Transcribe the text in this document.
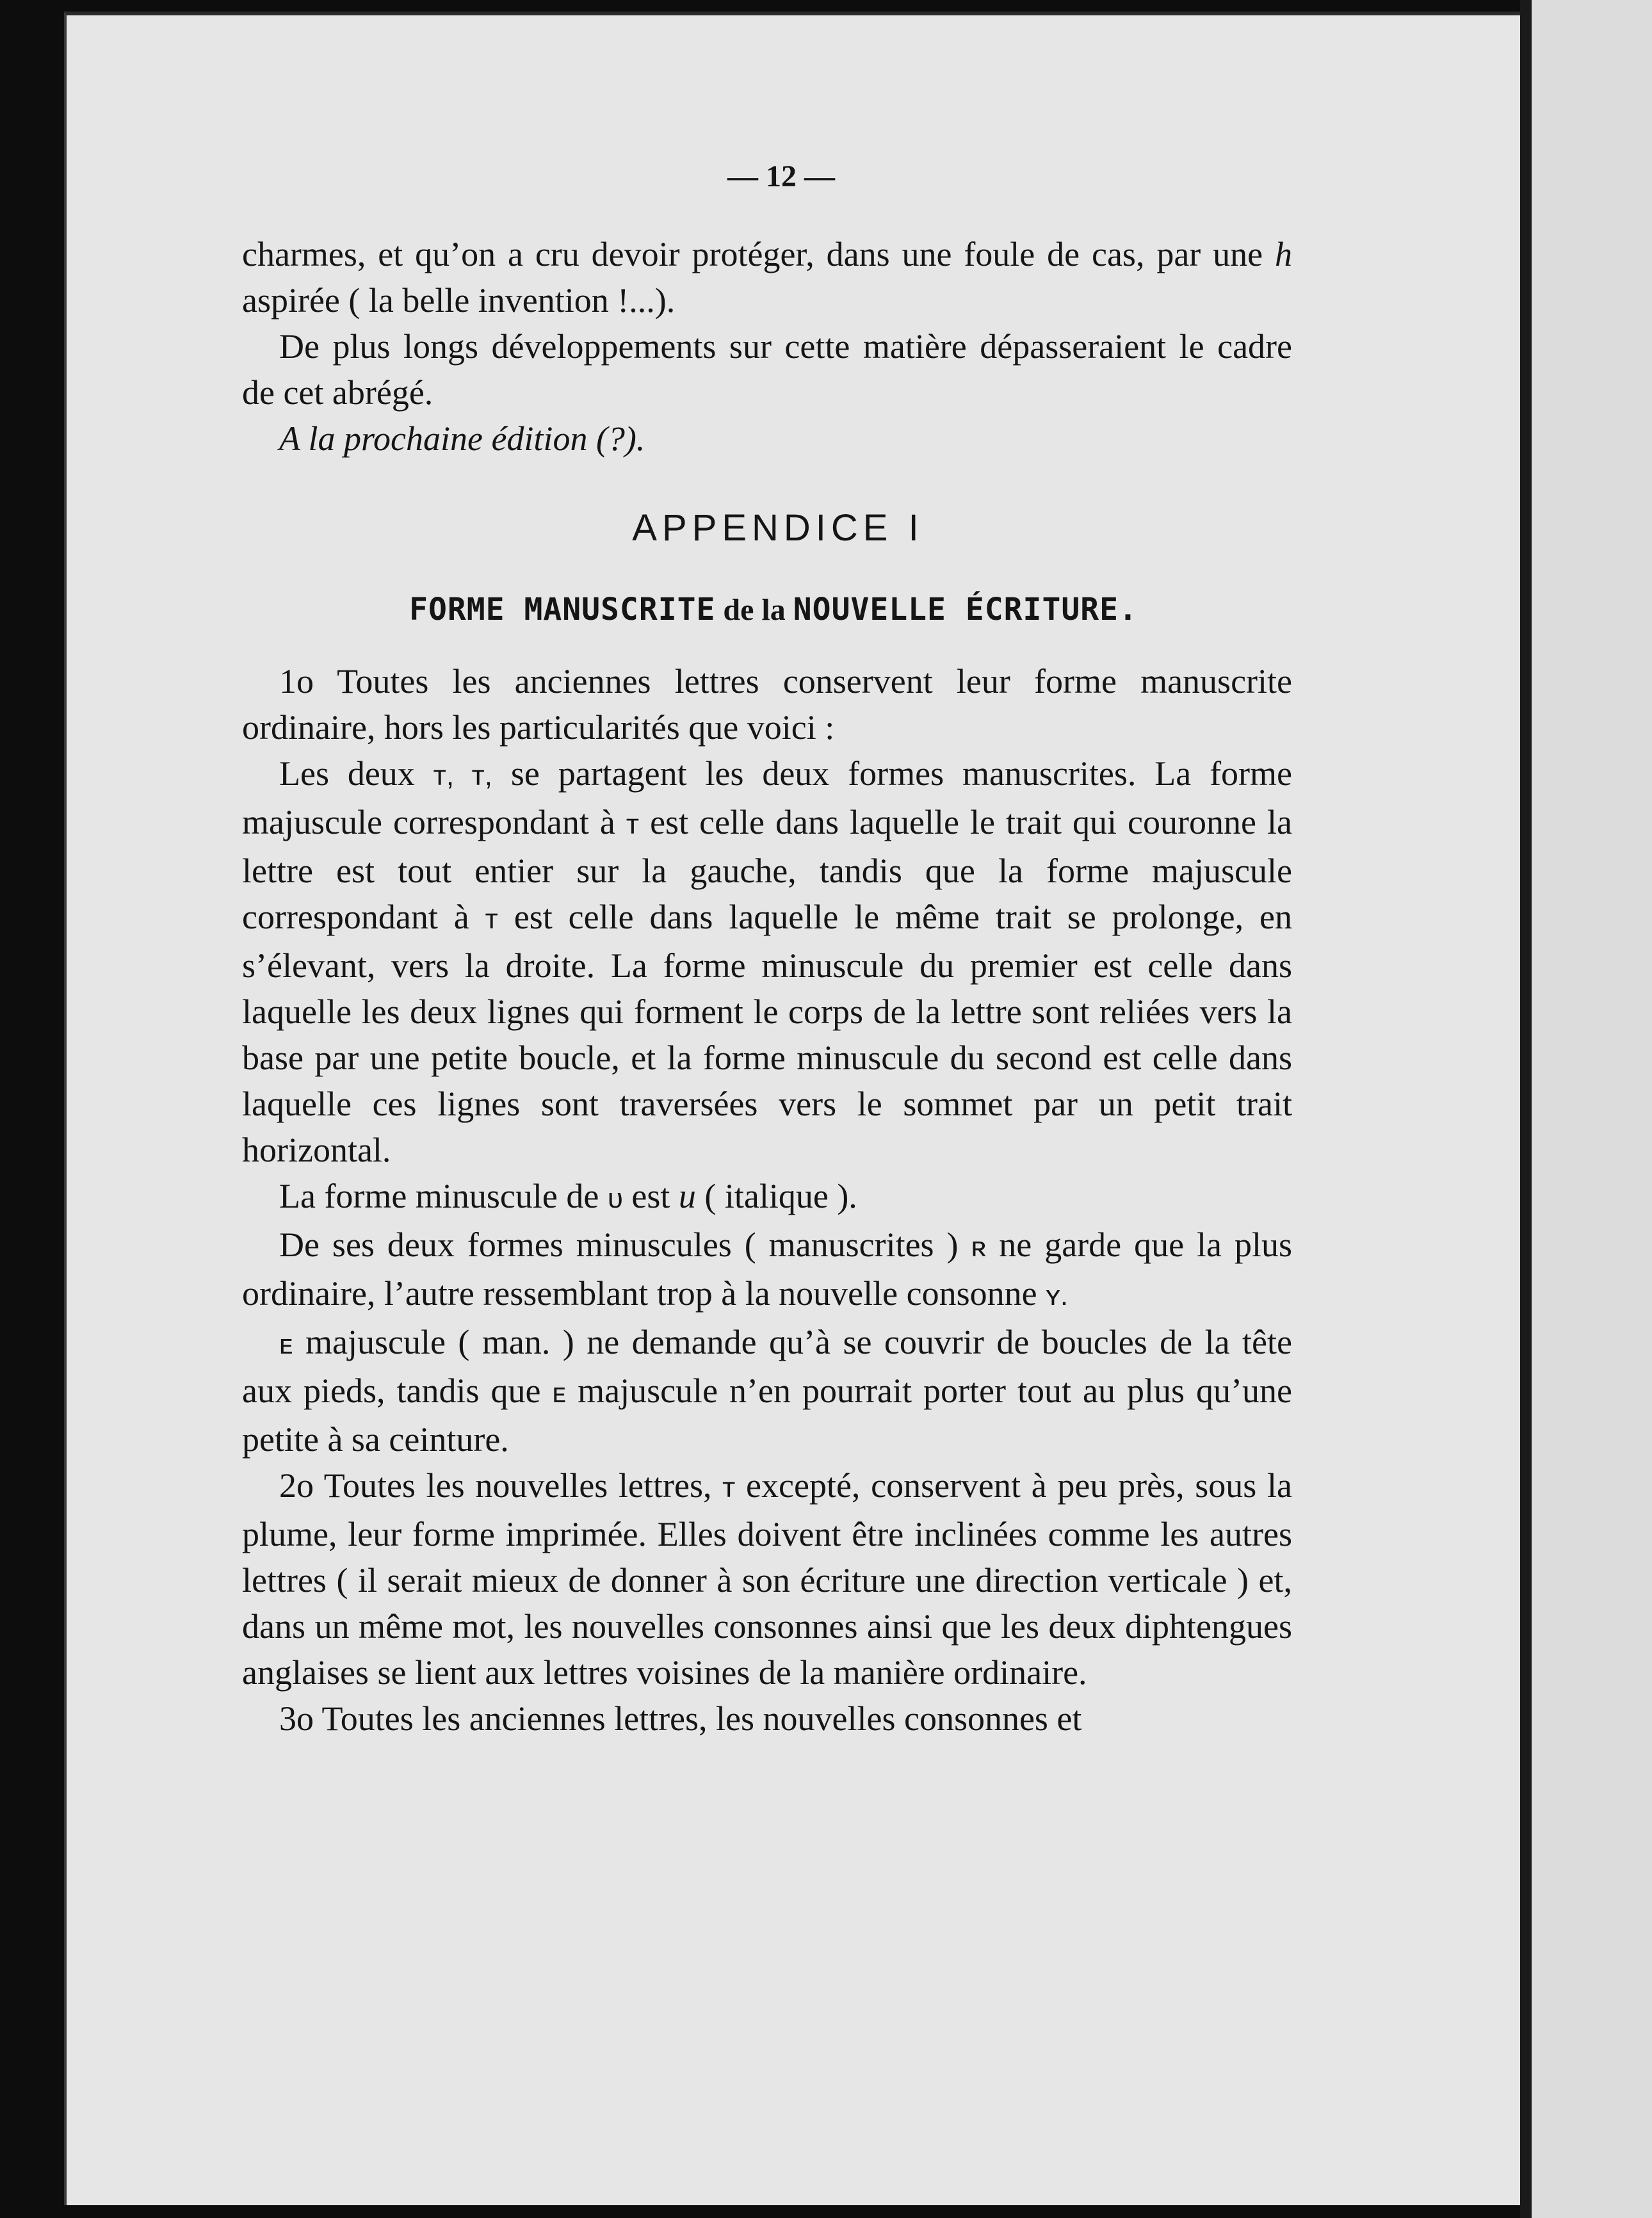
— 12 —

charmes, et qu’on a cru devoir protéger, dans une foule de cas, par une h aspirée ( la belle invention !...).

De plus longs développements sur cette matière dépasseraient le cadre de cet abrégé.

A la prochaine édition (?).

APPENDICE I
FORME MANUSCRITE de la NOUVELLE ÉCRITURE.

1o Toutes les anciennes lettres conservent leur forme manuscrite ordinaire, hors les particularités que voici :

Les deux ᴛ, ᴛ, se partagent les deux formes manuscrites. La forme majuscule correspondant à ᴛ est celle dans laquelle le trait qui couronne la lettre est tout entier sur la gauche, tandis que la forme majuscule correspondant à ᴛ est celle dans laquelle le même trait se prolonge, en s’élevant, vers la droite. La forme minuscule du premier est celle dans laquelle les deux lignes qui forment le corps de la lettre sont reliées vers la base par une petite boucle, et la forme minuscule du second est celle dans laquelle ces lignes sont traversées vers le sommet par un petit trait horizontal.

La forme minuscule de ᴜ est u ( italique ).

De ses deux formes minuscules ( manuscrites ) ʀ ne garde que la plus ordinaire, l’autre ressemblant trop à la nouvelle consonne ʏ.

ᴇ majuscule ( man. ) ne demande qu’à se couvrir de boucles de la tête aux pieds, tandis que ᴇ majuscule n’en pourrait porter tout au plus qu’une petite à sa ceinture.

2o Toutes les nouvelles lettres, ᴛ excepté, conservent à peu près, sous la plume, leur forme imprimée. Elles doivent être inclinées comme les autres lettres ( il serait mieux de donner à son écriture une direction verticale ) et, dans un même mot, les nouvelles consonnes ainsi que les deux diphtengues anglaises se lient aux lettres voisines de la manière ordinaire.

3o Toutes les anciennes lettres, les nouvelles consonnes et
